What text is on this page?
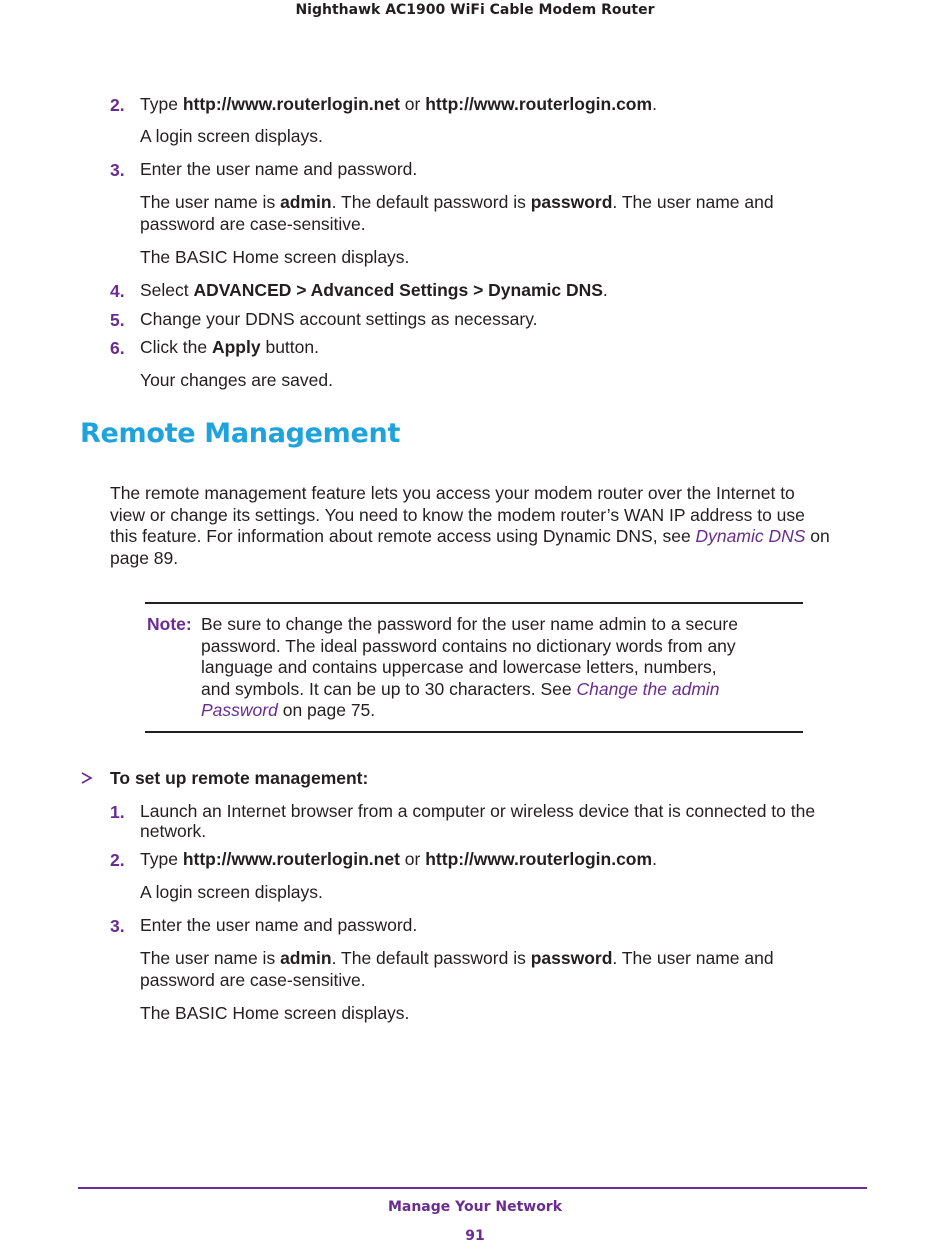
Nighthawk AC1900 WiFi Cable Modem Router
2. Type http://www.routerlogin.net or http://www.routerlogin.com.
A login screen displays.
3. Enter the user name and password.
The user name is admin. The default password is password. The user name and
password are case-sensitive.
The BASIC Home screen displays.
4. Select ADVANCED > Advanced Settings > Dynamic DNS.
5. Change your DDNS account settings as necessary.
6. Click the Apply button.
Your changes are saved.
Remote Management
The remote management feature lets you access your modem router over the Internet to
view or change its settings. You need to know the modem router’s WAN IP address to use
this feature. For information about remote access using Dynamic DNS, see Dynamic DNS on
page 89.
Note: Be sure to change the password for the user name admin to a secure
password. The ideal password contains no dictionary words from any
language and contains uppercase and lowercase letters, numbers,
and symbols. It can be up to 30 characters. See Change the admin
Password on page 75.
To set up remote management:
1. Launch an Internet browser from a computer or wireless device that is connected to the
network.
2. Type http://www.routerlogin.net or http://www.routerlogin.com.
A login screen displays.
3. Enter the user name and password.
The user name is admin. The default password is password. The user name and
password are case-sensitive.
The BASIC Home screen displays.
Manage Your Network
91
